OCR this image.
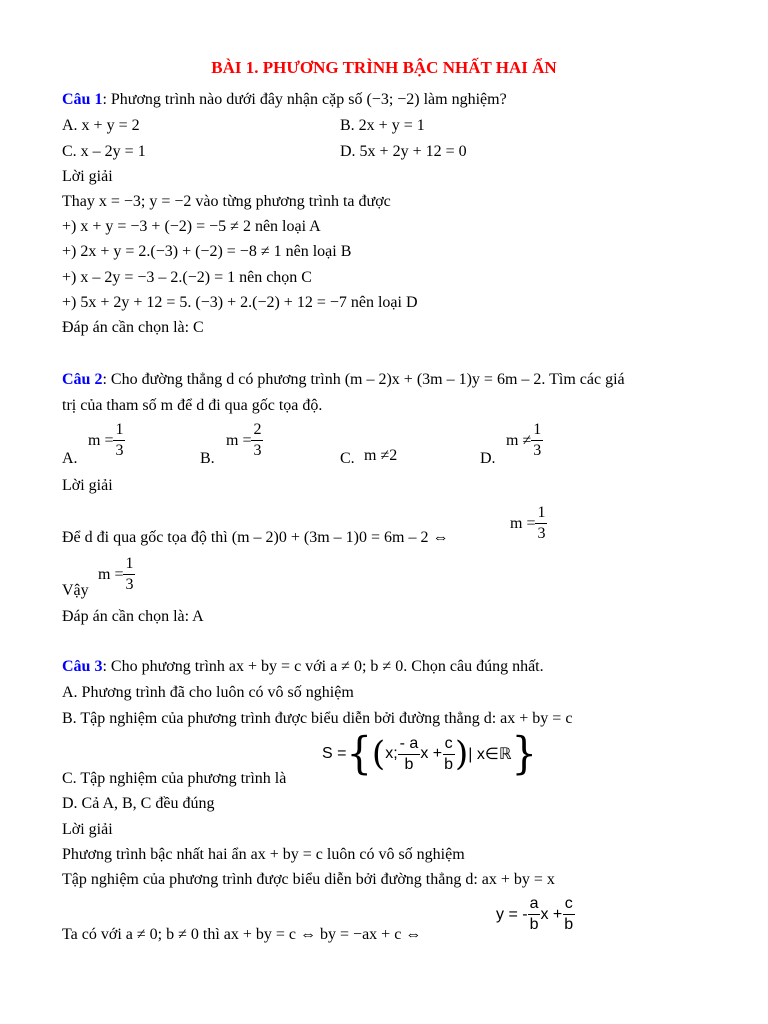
BÀI 1. PHƯƠNG TRÌNH BẬC NHẤT HAI ẨN
Câu 1: Phương trình nào dưới đây nhận cặp số (−3; −2) làm nghiệm?
A. x + y = 2	B. 2x + y = 1
C. x – 2y = 1	D. 5x + 2y + 12 = 0
Lời giải
Thay x = −3; y = −2 vào từng phương trình ta được
+) x + y = −3 + (−2) = −5 ≠ 2 nên loại A
+) 2x + y = 2.(−3) + (−2) = −8 ≠ 1 nên loại B
+) x – 2y = −3 – 2.(−2) = 1 nên chọn C
+) 5x + 2y + 12 = 5. (−3) + 2.(−2) + 12 = −7 nên loại D
Đáp án cần chọn là: C
Câu 2: Cho đường thẳng d có phương trình (m – 2)x + (3m – 1)y = 6m – 2. Tìm các giá
trị của tham số m để d đi qua gốc tọa độ.
A.
$m = \frac{1}{3}$	B.
$m = \frac{2}{3}$	C. m ≠2	D.
$m \ne \frac{1}{3}$
Lời giải
Để d đi qua gốc tọa độ thì (m – 2)0 + (3m – 1)0 = 6m – 2 ⇔
$m = \frac{1}{3}$
Vậy
$m = \frac{1}{3}$
Đáp án cần chọn là: A
Câu 3: Cho phương trình ax + by = c với a ≠ 0; b ≠ 0. Chọn câu đúng nhất.
A. Phương trình đã cho luôn có vô số nghiệm
B. Tập nghiệm của phương trình được biểu diễn bởi đường thẳng d: ax + by = c
C. Tập nghiệm của phương trình là
S = { ( x; $\frac{- a}{b}$ $x + \frac{c}{b}$ ) | x∈ℝ }
D. Cả A, B, C đều đúng
Lời giải
Phương trình bậc nhất hai ẩn ax + by = c luôn có vô số nghiệm
Tập nghiệm của phương trình được biểu diễn bởi đường thẳng d: ax + by = x
Ta có với a ≠ 0; b ≠ 0 thì ax + by = c ⇔ by = −ax + c ⇔
y = - $\frac{a}{b}$ $x + \frac{c}{b}$
